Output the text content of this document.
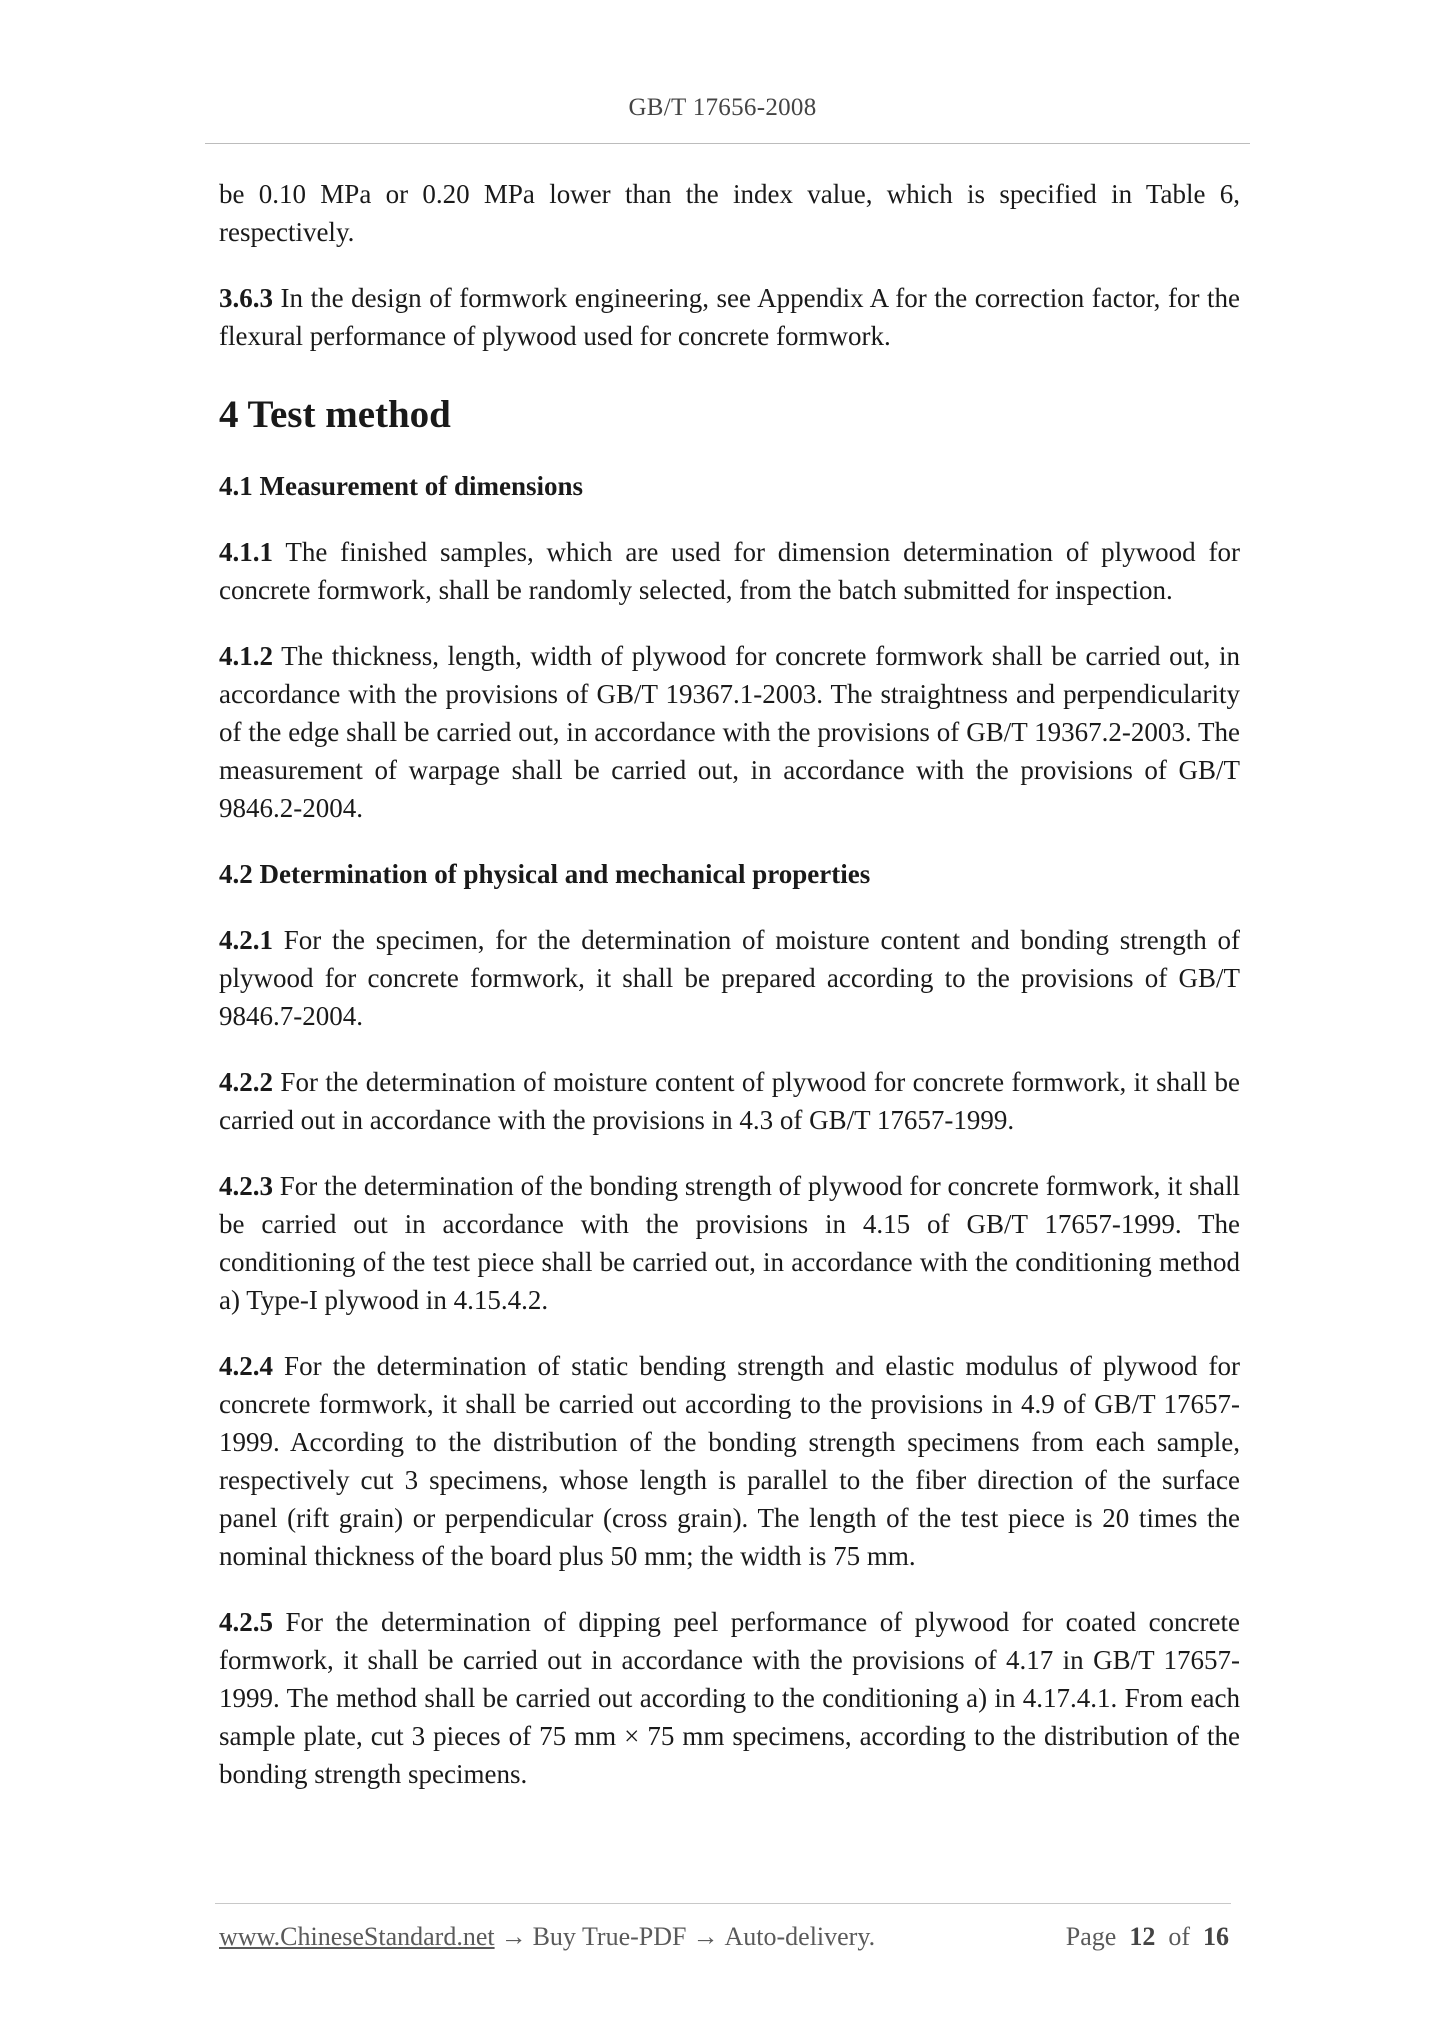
GB/T 17656-2008

be 0.10 MPa or 0.20 MPa lower than the index value, which is specified in Table 6, respectively.

3.6.3 In the design of formwork engineering, see Appendix A for the correction factor, for the flexural performance of plywood used for concrete formwork.

4 Test method
4.1 Measurement of dimensions

4.1.1 The finished samples, which are used for dimension determination of plywood for concrete formwork, shall be randomly selected, from the batch submitted for inspection.

4.1.2 The thickness, length, width of plywood for concrete formwork shall be carried out, in accordance with the provisions of GB/T 19367.1-2003. The straightness and perpendicularity of the edge shall be carried out, in accordance with the provisions of GB/T 19367.2-2003. The measurement of warpage shall be carried out, in accordance with the provisions of GB/T 9846.2-2004.

4.2 Determination of physical and mechanical properties

4.2.1 For the specimen, for the determination of moisture content and bonding strength of plywood for concrete formwork, it shall be prepared according to the provisions of GB/T 9846.7-2004.

4.2.2 For the determination of moisture content of plywood for concrete formwork, it shall be carried out in accordance with the provisions in 4.3 of GB/T 17657-1999.

4.2.3 For the determination of the bonding strength of plywood for concrete formwork, it shall be carried out in accordance with the provisions in 4.15 of GB/T 17657-1999. The conditioning of the test piece shall be carried out, in accordance with the conditioning method a) Type-I plywood in 4.15.4.2.

4.2.4 For the determination of static bending strength and elastic modulus of plywood for concrete formwork, it shall be carried out according to the provisions in 4.9 of GB/T 17657-1999. According to the distribution of the bonding strength specimens from each sample, respectively cut 3 specimens, whose length is parallel to the fiber direction of the surface panel (rift grain) or perpendicular (cross grain). The length of the test piece is 20 times the nominal thickness of the board plus 50 mm; the width is 75 mm.

4.2.5 For the determination of dipping peel performance of plywood for coated concrete formwork, it shall be carried out in accordance with the provisions of 4.17 in GB/T 17657-1999. The method shall be carried out according to the conditioning a) in 4.17.4.1. From each sample plate, cut 3 pieces of 75 mm × 75 mm specimens, according to the distribution of the bonding strength specimens.

www.ChineseStandard.net → Buy True-PDF → Auto-delivery.	Page 12 of 16
